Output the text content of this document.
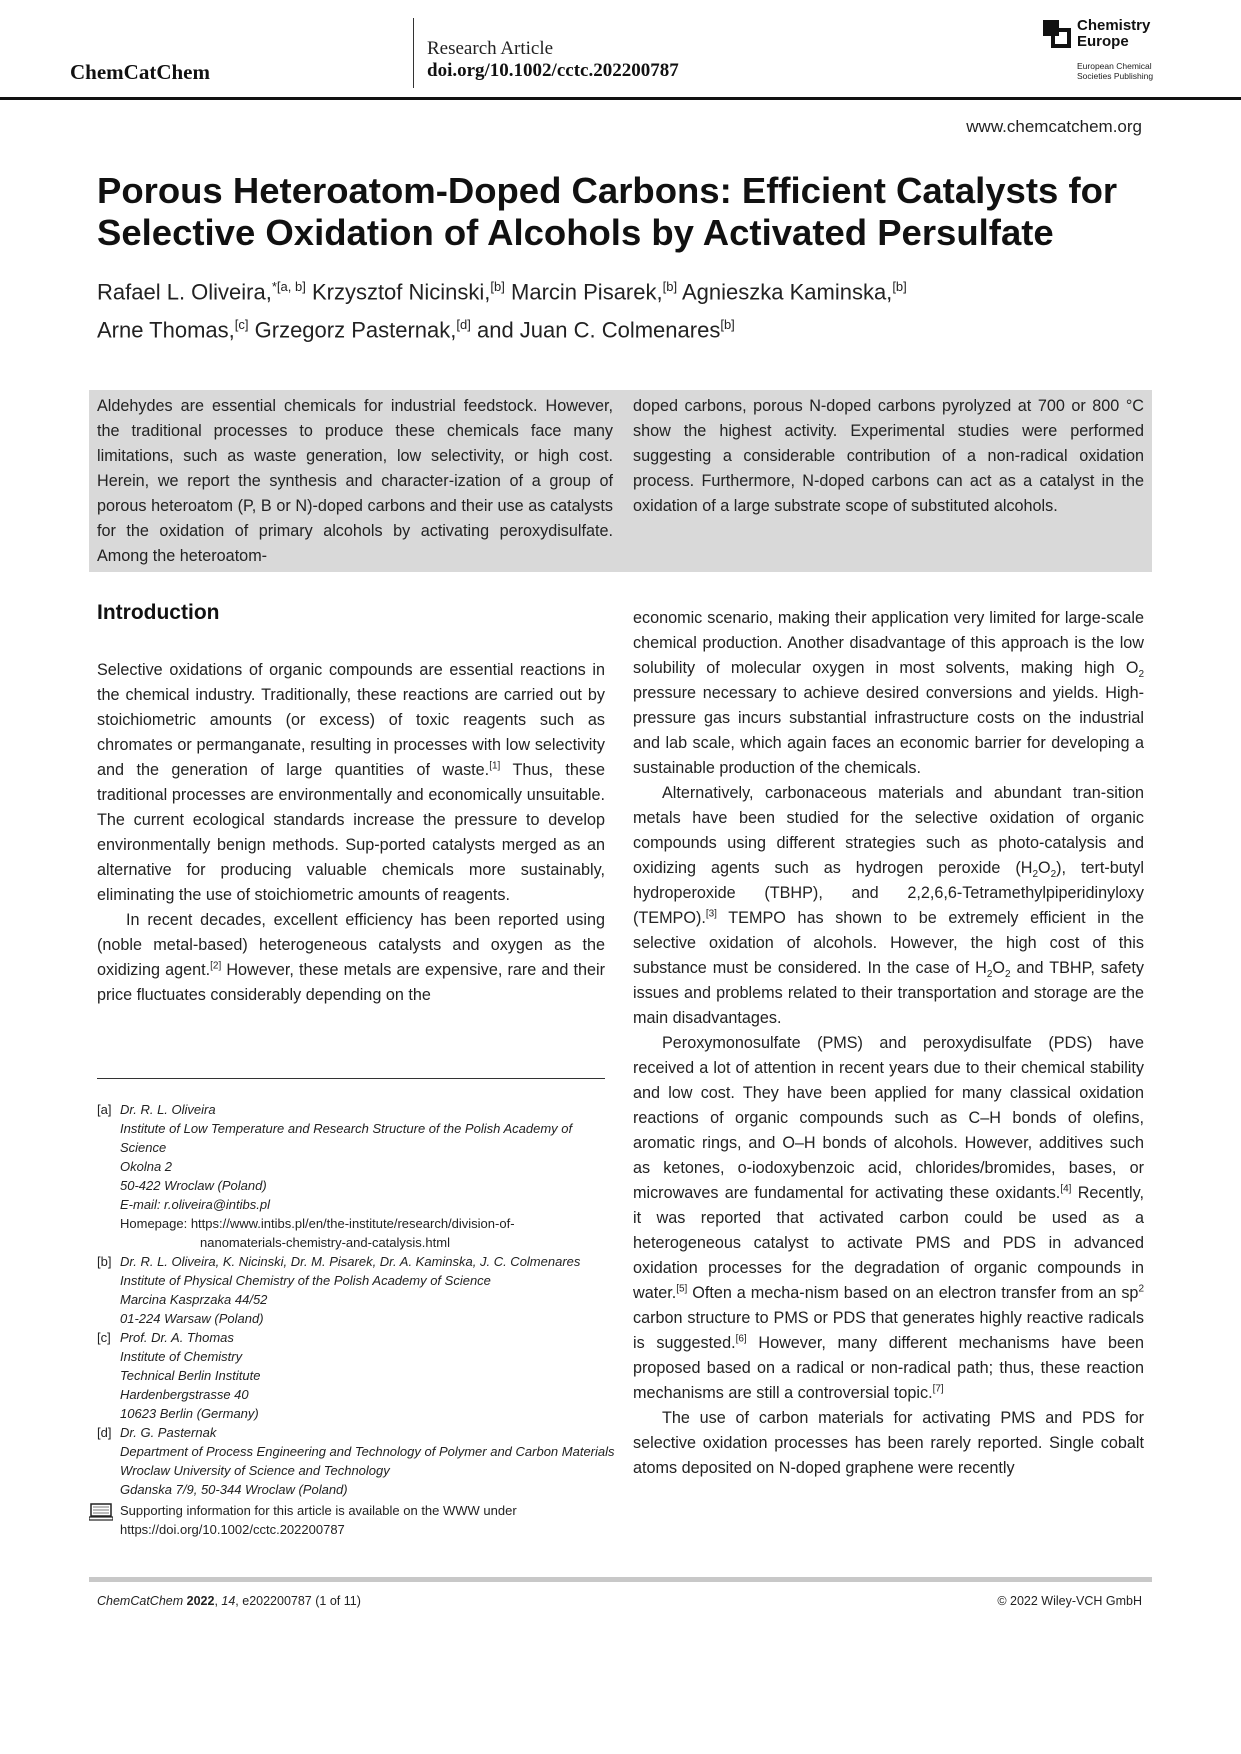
ChemCatChem
Research Article
doi.org/10.1002/cctc.202200787
Chemistry
Europe
European Chemical
Societies Publishing
www.chemcatchem.org
Porous Heteroatom-Doped Carbons: Efficient Catalysts for Selective Oxidation of Alcohols by Activated Persulfate
Rafael L. Oliveira,$^{*[a, b]}$ Krzysztof Nicinski,[b] Marcin Pisarek,[b] Agnieszka Kaminska,[b]
Arne Thomas,[c] Grzegorz Pasternak,[d] and Juan C. Colmenares[b]

Aldehydes are essential chemicals for industrial feedstock. However, the traditional processes to produce these chemicals face many limitations, such as waste generation, low selectivity, or high cost. Herein, we report the synthesis and character-ization of a group of porous heteroatom (P, B or N)-doped carbons and their use as catalysts for the oxidation of primary alcohols by activating peroxydisulfate. Among the heteroatom-

doped carbons, porous N-doped carbons pyrolyzed at 700 or 800 °C show the highest activity. Experimental studies were performed suggesting a considerable contribution of a non-radical oxidation process. Furthermore, N-doped carbons can act as a catalyst in the oxidation of a large substrate scope of substituted alcohols.

Introduction

Selective oxidations of organic compounds are essential reactions in the chemical industry. Traditionally, these reactions are carried out by stoichiometric amounts (or excess) of toxic reagents such as chromates or permanganate, resulting in processes with low selectivity and the generation of large quantities of waste.[1] Thus, these traditional processes are environmentally and economically unsuitable. The current ecological standards increase the pressure to develop environmentally benign methods. Sup-ported catalysts merged as an alternative for producing valuable chemicals more sustainably, eliminating the use of stoichiometric amounts of reagents.

In recent decades, excellent efficiency has been reported using (noble metal-based) heterogeneous catalysts and oxygen as the oxidizing agent.[2] However, these metals are expensive, rare and their price fluctuates considerably depending on the

economic scenario, making their application very limited for large-scale chemical production. Another disadvantage of this approach is the low solubility of molecular oxygen in most solvents, making high $O_2$ pressure necessary to achieve desired conversions and yields. High-pressure gas incurs substantial infrastructure costs on the industrial and lab scale, which again faces an economic barrier for developing a sustainable production of the chemicals.

Alternatively, carbonaceous materials and abundant tran-sition metals have been studied for the selective oxidation of organic compounds using different strategies such as photo-catalysis and oxidizing agents such as hydrogen peroxide $(H_2O_2)$, tert-butyl hydroperoxide (TBHP), and 2,2,6,6-Tetramethylpiperidinyloxy (TEMPO).[3] TEMPO has shown to be extremely efficient in the selective oxidation of alcohols. However, the high cost of this substance must be considered. In the case of $H_2O_2$ and TBHP, safety issues and problems related to their transportation and storage are the main disadvantages.

Peroxymonosulfate (PMS) and peroxydisulfate (PDS) have received a lot of attention in recent years due to their chemical stability and low cost. They have been applied for many classical oxidation reactions of organic compounds such as C–H bonds of olefins, aromatic rings, and O–H bonds of alcohols. However, additives such as ketones, o-iodoxybenzoic acid, chlorides/bromides, bases, or microwaves are fundamental for activating these oxidants.[4] Recently, it was reported that activated carbon could be used as a heterogeneous catalyst to activate PMS and PDS in advanced oxidation processes for the degradation of organic compounds in water.[5] Often a mecha-nism based on an electron transfer from an $sp^2$ carbon structure to PMS or PDS that generates highly reactive radicals is suggested.[6] However, many different mechanisms have been proposed based on a radical or non-radical path; thus, these reaction mechanisms are still a controversial topic.[7]

The use of carbon materials for activating PMS and PDS for selective oxidation processes has been rarely reported. Single cobalt atoms deposited on N-doped graphene were recently

[a] Dr. R. L. Oliveira
Institute of Low Temperature and Research Structure of the Polish Academy of Science
Okolna 2
50-422 Wroclaw (Poland)
E-mail: r.oliveira@intibs.pl
Homepage: https://www.intibs.pl/en/the-institute/research/division-of-
nanomaterials-chemistry-and-catalysis.html
[b] Dr. R. L. Oliveira, K. Nicinski, Dr. M. Pisarek, Dr. A. Kaminska, J. C. Colmenares
Institute of Physical Chemistry of the Polish Academy of Science
Marcina Kasprzaka 44/52
01-224 Warsaw (Poland)
[c] Prof. Dr. A. Thomas
Institute of Chemistry
Technical Berlin Institute
Hardenbergstrasse 40
10623 Berlin (Germany)
[d] Dr. G. Pasternak
Department of Process Engineering and Technology of Polymer and Carbon Materials
Wroclaw University of Science and Technology
Gdanska 7/9, 50-344 Wroclaw (Poland)
Supporting information for this article is available on the WWW under https://doi.org/10.1002/cctc.202200787
ChemCatChem 2022, 14, e202200787 (1 of 11)	© 2022 Wiley-VCH GmbH
